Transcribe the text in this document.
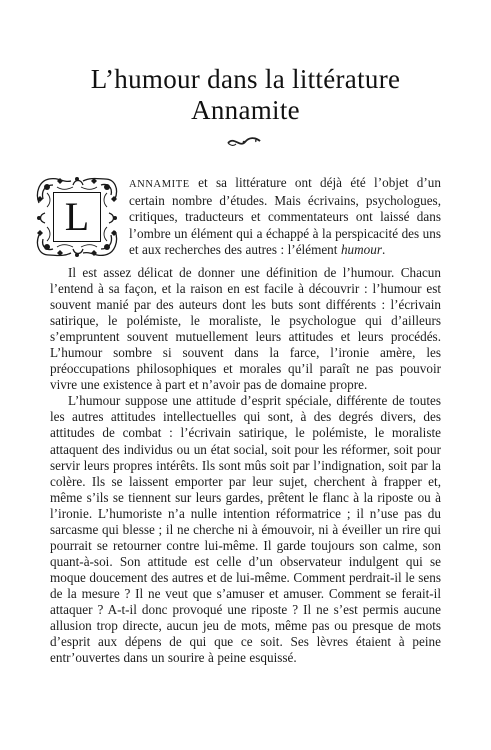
L’humour dans la littérature
Annamite
L

ANNAMITE et sa littérature ont déjà été l’objet d’un certain nombre d’études. Mais écrivains, psychologues, critiques, traducteurs et commentateurs ont laissé dans l’ombre un élément qui a échappé à la perspicacité des uns et aux recherches des autres : l’élément humour.

Il est assez délicat de donner une définition de l’humour. Chacun l’entend à sa façon, et la raison en est facile à découvrir : l’humour est souvent manié par des auteurs dont les buts sont différents : l’écrivain satirique, le polémiste, le moraliste, le psychologue qui d’ailleurs s’empruntent souvent mutuellement leurs attitudes et leurs procédés. L’humour sombre si souvent dans la farce, l’ironie amère, les préoccupations philosophiques et morales qu’il paraît ne pas pouvoir vivre une existence à part et n’avoir pas de domaine propre.

L’humour suppose une attitude d’esprit spéciale, différente de toutes les autres attitudes intellectuelles qui sont, à des degrés divers, des attitudes de combat : l’écrivain satirique, le polémiste, le moraliste attaquent des individus ou un état social, soit pour les réformer, soit pour servir leurs propres intérêts. Ils sont mûs soit par l’indignation, soit par la colère. Ils se laissent emporter par leur sujet, cherchent à frapper et, même s’ils se tiennent sur leurs gardes, prêtent le flanc à la riposte ou à l’ironie. L’humoriste n’a nulle intention réformatrice ; il n’use pas du sarcasme qui blesse ; il ne cherche ni à émouvoir, ni à éveiller un rire qui pourrait se retourner contre lui-même. Il garde toujours son calme, son quant-à-soi. Son attitude est celle d’un observateur indulgent qui se moque doucement des autres et de lui-même. Comment perdrait-il le sens de la mesure ? Il ne veut que s’amuser et amuser. Comment se ferait-il attaquer ? A-t-il donc provoqué une riposte ? Il ne s’est permis aucune allusion trop directe, aucun jeu de mots, même pas ou presque de mots d’esprit aux dépens de qui que ce soit. Ses lèvres étaient à peine entr’ouvertes dans un sourire à peine esquissé.
